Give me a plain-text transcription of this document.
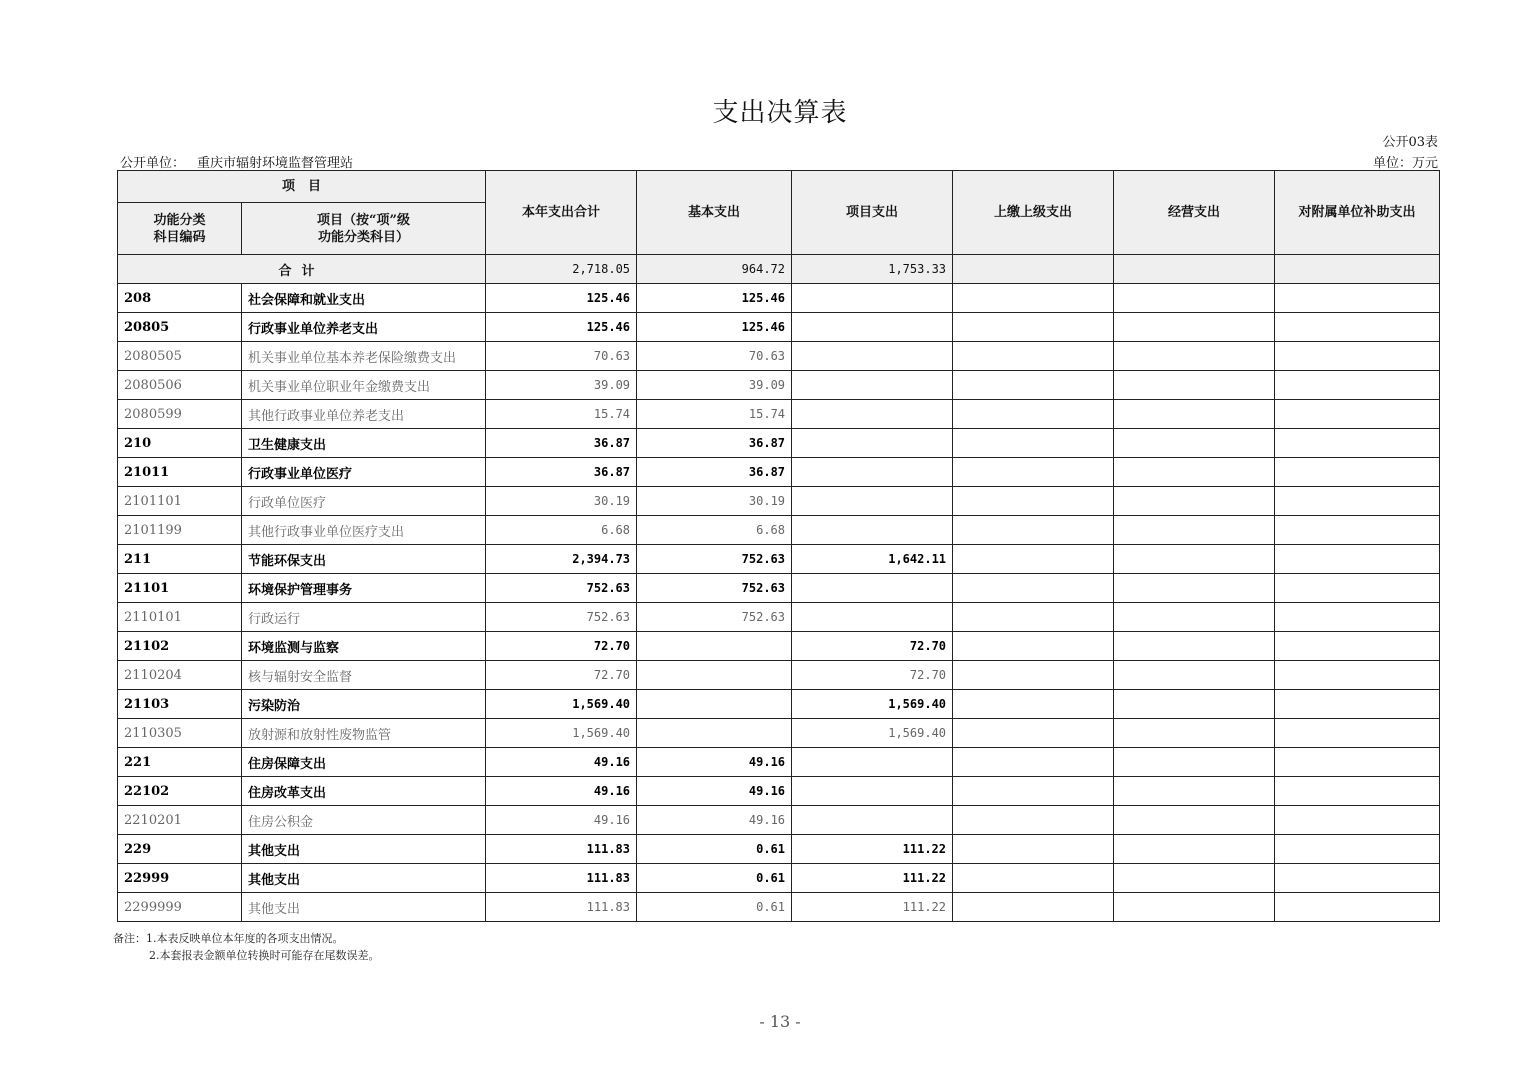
支出决算表
公开03表
公开单位： 重庆市辐射环境监督管理站	单位：万元
项　目		本年支出合计	基本支出	项目支出	上缴上级支出	经营支出	对附属单位补助支出
功能分类
科目编码	项目（按“项”级
功能分类科目）						
合计		2,718.05	964.72	1,753.33			
208	社会保障和就业支出	125.46	125.46				
20805	行政事业单位养老支出	125.46	125.46				
2080505	机关事业单位基本养老保险缴费支出	70.63	70.63				
2080506	机关事业单位职业年金缴费支出	39.09	39.09				
2080599	其他行政事业单位养老支出	15.74	15.74				
210	卫生健康支出	36.87	36.87				
21011	行政事业单位医疗	36.87	36.87				
2101101	行政单位医疗	30.19	30.19				
2101199	其他行政事业单位医疗支出	6.68	6.68				
211	节能环保支出	2,394.73	752.63	1,642.11			
21101	环境保护管理事务	752.63	752.63				
2110101	行政运行	752.63	752.63				
21102	环境监测与监察	72.70		72.70			
2110204	核与辐射安全监督	72.70		72.70			
21103	污染防治	1,569.40		1,569.40			
2110305	放射源和放射性废物监管	1,569.40		1,569.40			
221	住房保障支出	49.16	49.16				
22102	住房改革支出	49.16	49.16				
2210201	住房公积金	49.16	49.16				
229	其他支出	111.83	0.61	111.22			
22999	其他支出	111.83	0.61	111.22			
2299999	其他支出	111.83	0.61	111.22			
备注：1.本表反映单位本年度的各项支出情况。
2.本套报表金额单位转换时可能存在尾数误差。
- 13 -
